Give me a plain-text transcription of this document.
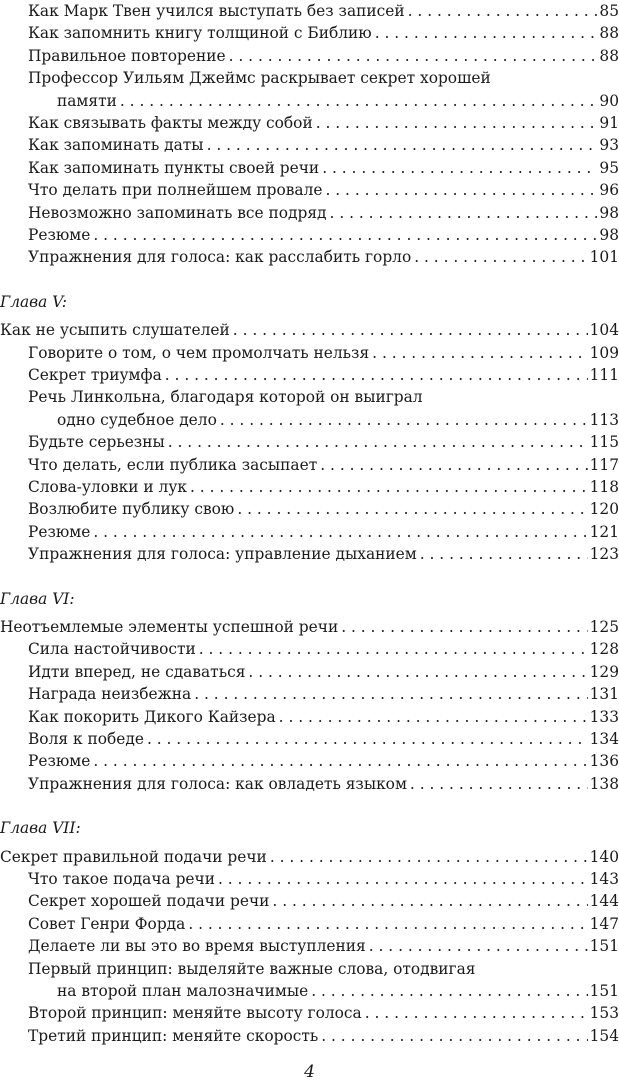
Как Марк Твен учился выступать без записей . . .	85
Как запомнить книгу толщиной с Библию . . .	88
Правильное повторение . . .	88
Профессор Уильям Джеймс раскрывает секрет хорошей
памяти . . .	90
Как связывать факты между собой . . .	91
Как запоминать даты . . .	93
Как запоминать пункты своей речи . . .	95
Что делать при полнейшем провале . . .	96
Невозможно запоминать все подряд . . .	98
Резюме . . .	98
Упражнения для голоса: как расслабить горло . . .	101
Глава V:
Как не усыпить слушателей . . .	104
Говорите о том, о чем промолчать нельзя . . .	109
Секрет триумфа . . .	111
Речь Линкольна, благодаря которой он выиграл
одно судебное дело . . .	113
Будьте серьезны . . .	115
Что делать, если публика засыпает . . .	117
Слова-уловки и лук . . .	118
Возлюбите публику свою . . .	120
Резюме . . .	121
Упражнения для голоса: управление дыханием . . .	123
Глава VI:
Неотъемлемые элементы успешной речи . . .	125
Сила настойчивости . . .	128
Идти вперед, не сдаваться . . .	129
Награда неизбежна . . .	131
Как покорить Дикого Кайзера . . .	133
Воля к победе . . .	134
Резюме . . .	136
Упражнения для голоса: как овладеть языком . . .	138
Глава VII:
Секрет правильной подачи речи . . .	140
Что такое подача речи . . .	143
Секрет хорошей подачи речи . . .	144
Совет Генри Форда . . .	147
Делаете ли вы это во время выступления . . .	151
Первый принцип: выделяйте важные слова, отодвигая
на второй план малозначимые . . .	151
Второй принцип: меняйте высоту голоса . . .	153
Третий принцип: меняйте скорость . . .	154
4
